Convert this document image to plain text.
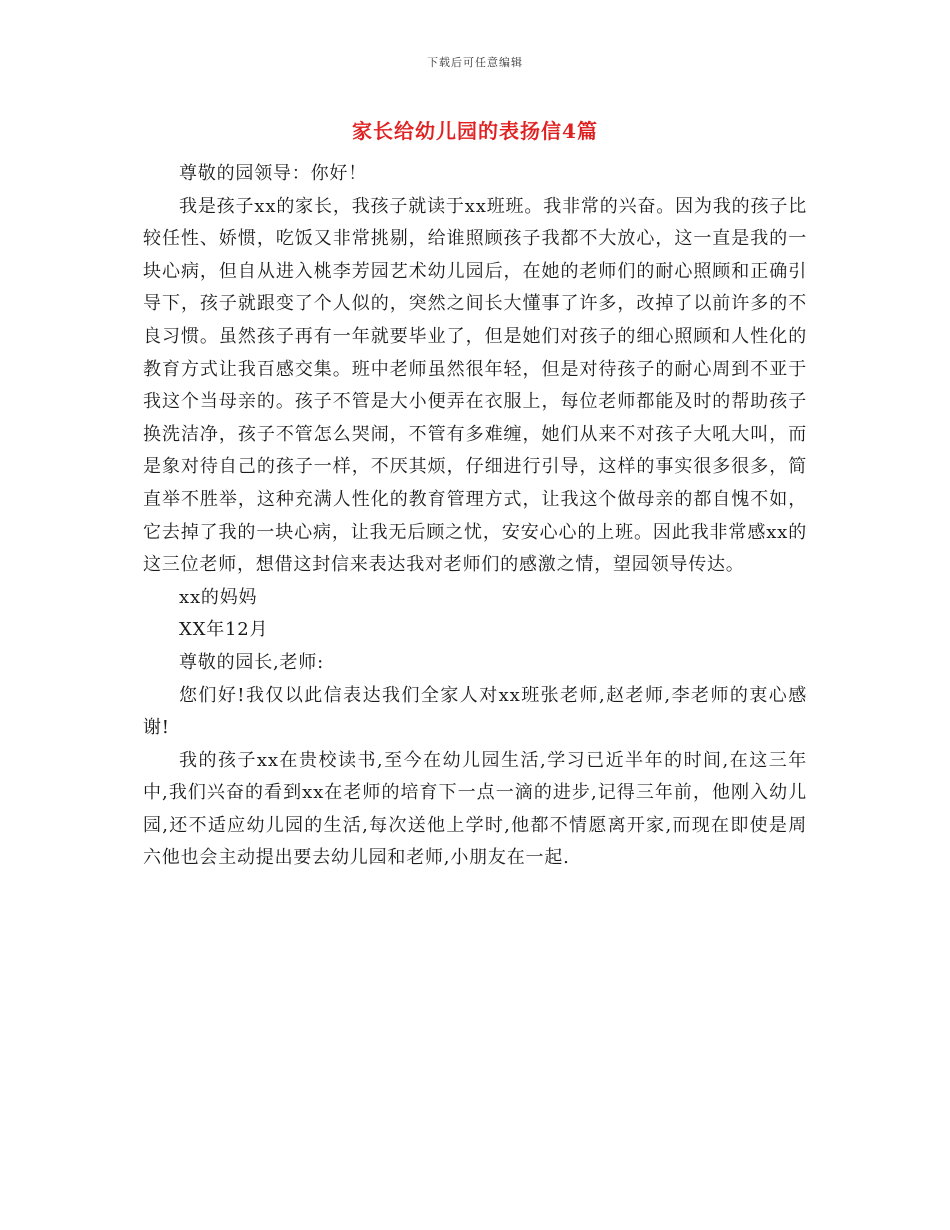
下载后可任意编辑
家长给幼儿园的表扬信4篇

尊敬的园领导：你好！

我是孩子xx的家长，我孩子就读于xx班班。我非常的兴奋。因为我的孩子比较任性、娇惯，吃饭又非常挑剔，给谁照顾孩子我都不大放心，这一直是我的一块心病，但自从进入桃李芳园艺术幼儿园后，在她的老师们的耐心照顾和正确引导下，孩子就跟变了个人似的，突然之间长大懂事了许多，改掉了以前许多的不良习惯。虽然孩子再有一年就要毕业了，但是她们对孩子的细心照顾和人性化的教育方式让我百感交集。班中老师虽然很年轻，但是对待孩子的耐心周到不亚于我这个当母亲的。孩子不管是大小便弄在衣服上，每位老师都能及时的帮助孩子换洗洁净，孩子不管怎么哭闹，不管有多难缠，她们从来不对孩子大吼大叫，而是象对待自己的孩子一样，不厌其烦，仔细进行引导，这样的事实很多很多，简直举不胜举，这种充满人性化的教育管理方式，让我这个做母亲的都自愧不如，它去掉了我的一块心病，让我无后顾之忧，安安心心的上班。因此我非常感xx的这三位老师，想借这封信来表达我对老师们的感激之情，望园领导传达。

xx的妈妈

XX年12月

尊敬的园长,老师:

您们好!我仅以此信表达我们全家人对xx班张老师,赵老师,李老师的衷心感谢!

我的孩子xx在贵校读书,至今在幼儿园生活,学习已近半年的时间,在这三年中,我们兴奋的看到xx在老师的培育下一点一滴的进步,记得三年前，他刚入幼儿园,还不适应幼儿园的生活,每次送他上学时,他都不情愿离开家,而现在即使是周六他也会主动提出要去幼儿园和老师,小朋友在一起.
